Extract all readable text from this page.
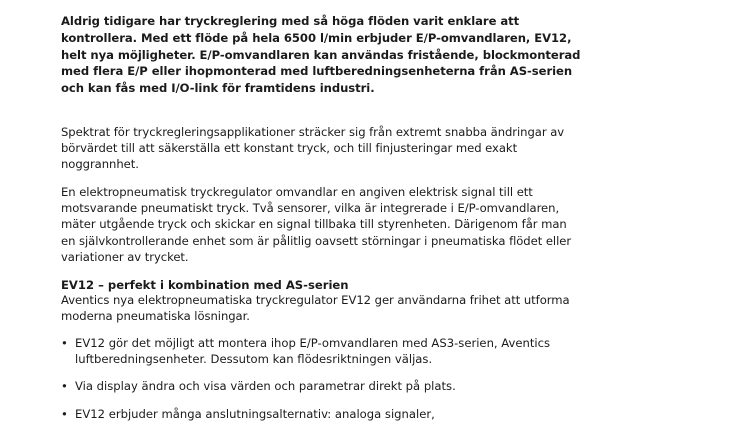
Aldrig tidigare har tryckreglering med så höga flöden varit enklare att kontrollera. Med ett flöde på hela 6500 l/min erbjuder E/P-omvandlaren, EV12, helt nya möjligheter. E/P-omvandlaren kan användas fristående, blockmonterad med flera E/P eller ihopmonterad med luftberedningsenheterna från AS-serien och kan fås med I/O-link för framtidens industri.
Spektrat för tryckregleringsapplikationer sträcker sig från extremt snabba ändringar av börvärdet till att säkerställa ett konstant tryck, och till finjusteringar med exakt noggrannhet.
En elektropneumatisk tryckregulator omvandlar en angiven elektrisk signal till ett motsvarande pneumatiskt tryck. Två sensorer, vilka är integrerade i E/P-omvandlaren, mäter utgående tryck och skickar en signal tillbaka till styrenheten. Därigenom får man en självkontrollerande enhet som är pålitlig oavsett störningar i pneumatiska flödet eller variationer av trycket.
EV12 – perfekt i kombination med AS-serien
Aventics nya elektropneumatiska tryckregulator EV12 ger användarna frihet att utforma moderna pneumatiska lösningar.
• EV12 gör det möjligt att montera ihop E/P-omvandlaren med AS3-serien, Aventics luftberedningsenheter. Dessutom kan flödesriktningen väljas.
• Via display ändra och visa värden och parametrar direkt på plats.
• EV12 erbjuder många anslutningsalternativ: analoga signaler,
